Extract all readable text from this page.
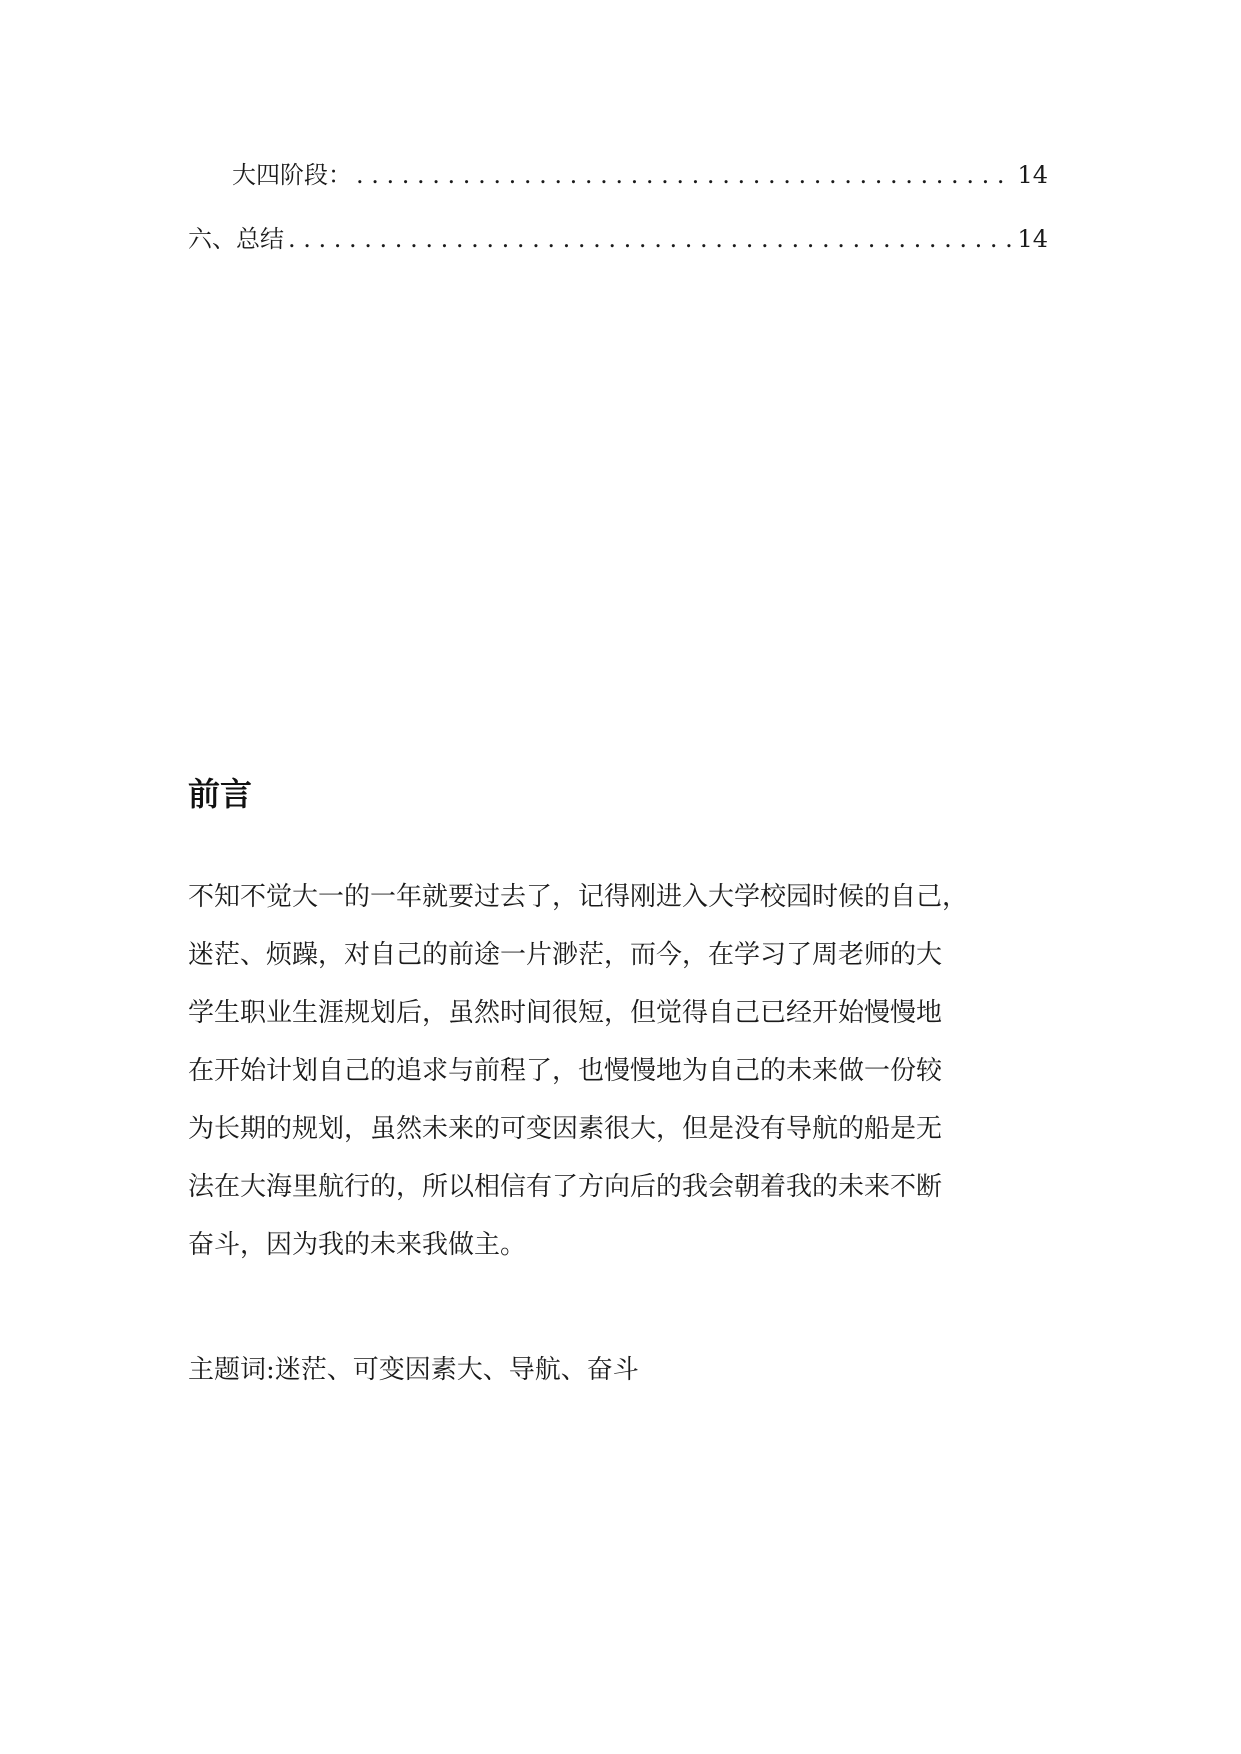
大四阶段： . . .	14
六、总结 . . .	14
前言

不知不觉大一的一年就要过去了，记得刚进入大学校园时候的自己，
迷茫、烦躁，对自己的前途一片渺茫，而今，在学习了周老师的大
学生职业生涯规划后，虽然时间很短，但觉得自己已经开始慢慢地
在开始计划自己的追求与前程了，也慢慢地为自己的未来做一份较
为长期的规划，虽然未来的可变因素很大，但是没有导航的船是无
法在大海里航行的，所以相信有了方向后的我会朝着我的未来不断
奋斗，因为我的未来我做主。

主题词:迷茫、可变因素大、导航、奋斗
